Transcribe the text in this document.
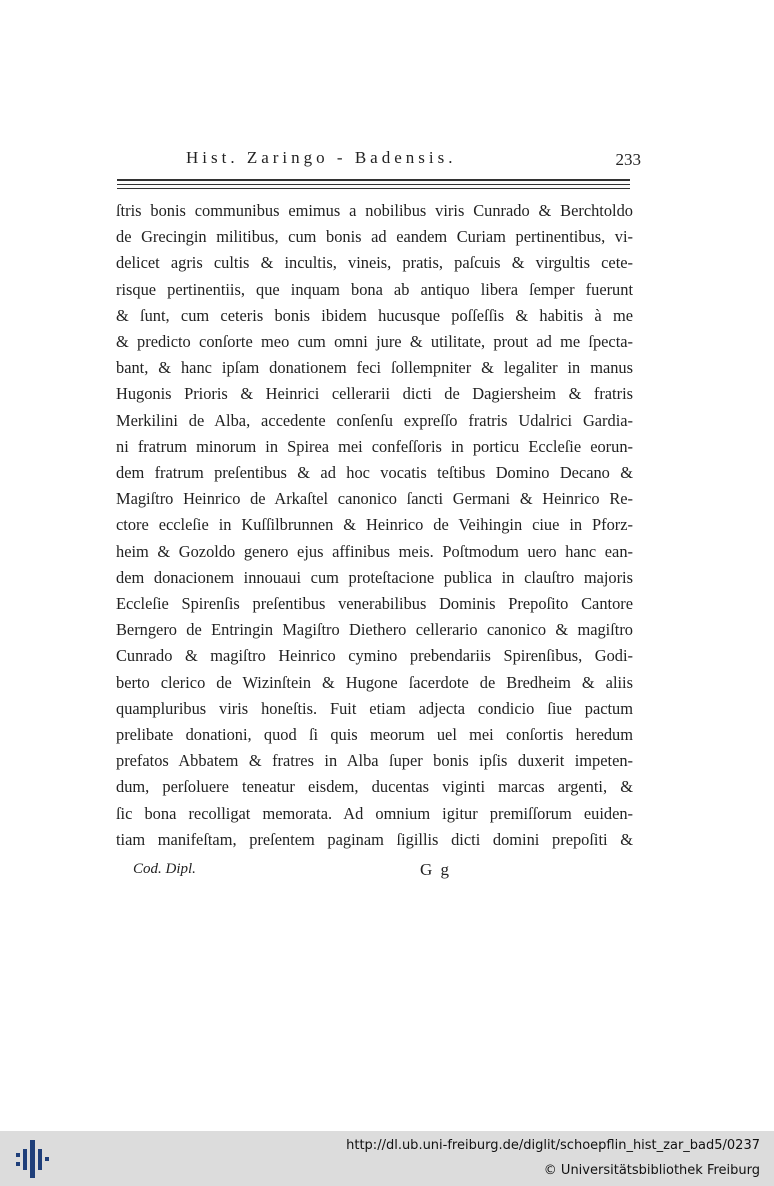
Hist. Zaringo - Badensis.	233
ſtris bonis communibus emimus a nobilibus viris Cunrado & Berchtoldo
de Grecingin militibus, cum bonis ad eandem Curiam pertinentibus, vi-
delicet agris cultis & incultis, vineis, pratis, paſcuis & virgultis cete-
risque pertinentiis, que inquam bona ab antiquo libera ſemper fuerunt
& ſunt, cum ceteris bonis ibidem hucusque poſſeſſis & habitis à me
& predicto conſorte meo cum omni jure & utilitate, prout ad me ſpecta-
bant, & hanc ipſam donationem feci ſollempniter & legaliter in manus
Hugonis Prioris & Heinrici cellerarii dicti de Dagiersheim & fratris
Merkilini de Alba, accedente conſenſu expreſſo fratris Udalrici Gardia-
ni fratrum minorum in Spirea mei confeſſoris in porticu Eccleſie eorun-
dem fratrum preſentibus & ad hoc vocatis teſtibus Domino Decano &
Magiſtro Heinrico de Arkaſtel canonico ſancti Germani & Heinrico Re-
ctore eccleſie in Kuſſilbrunnen & Heinrico de Veihingin ciue in Pforz-
heim & Gozoldo genero ejus affinibus meis. Poſtmodum uero hanc ean-
dem donacionem innouaui cum proteſtacione publica in clauſtro majoris
Eccleſie Spirenſis preſentibus venerabilibus Dominis Prepoſito Cantore
Berngero de Entringin Magiſtro Diethero cellerario canonico & magiſtro
Cunrado & magiſtro Heinrico cymino prebendariis Spirenſibus, Godi-
berto clerico de Wizinſtein & Hugone ſacerdote de Bredheim & aliis
quampluribus viris honeſtis. Fuit etiam adjecta condicio ſiue pactum
prelibate donationi, quod ſi quis meorum uel mei conſortis heredum
prefatos Abbatem & fratres in Alba ſuper bonis ipſis duxerit impeten-
dum, perſoluere teneatur eisdem, ducentas viginti marcas argenti, &
ſic bona recolligat memorata. Ad omnium igitur premiſſorum euiden-
tiam manifeſtam, preſentem paginam ſigillis dicti domini prepoſiti &
Cod. Dipl.	G g
http://dl.ub.uni-freiburg.de/diglit/schoepflin_hist_zar_bad5/0237
© Universitätsbibliothek Freiburg
